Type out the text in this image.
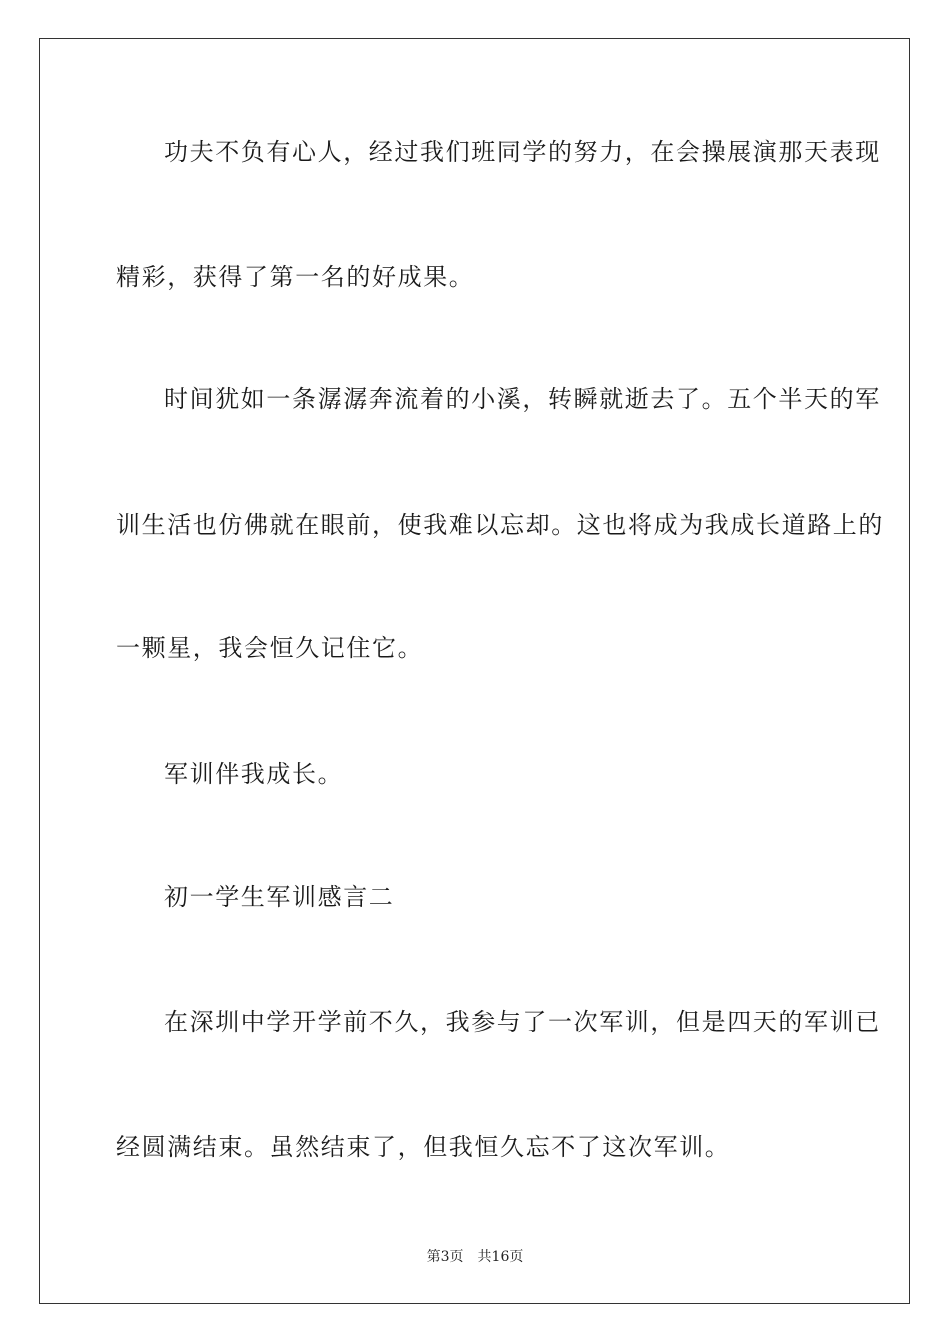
功夫不负有心人，经过我们班同学的努力，在会操展演那天表现

精彩，获得了第一名的好成果。

时间犹如一条潺潺奔流着的小溪，转瞬就逝去了。五个半天的军

训生活也仿佛就在眼前，使我难以忘却。这也将成为我成长道路上的

一颗星，我会恒久记住它。

军训伴我成长。

初一学生军训感言二

在深圳中学开学前不久，我参与了一次军训，但是四天的军训已

经圆满结束。虽然结束了，但我恒久忘不了这次军训。

第3页 共16页
